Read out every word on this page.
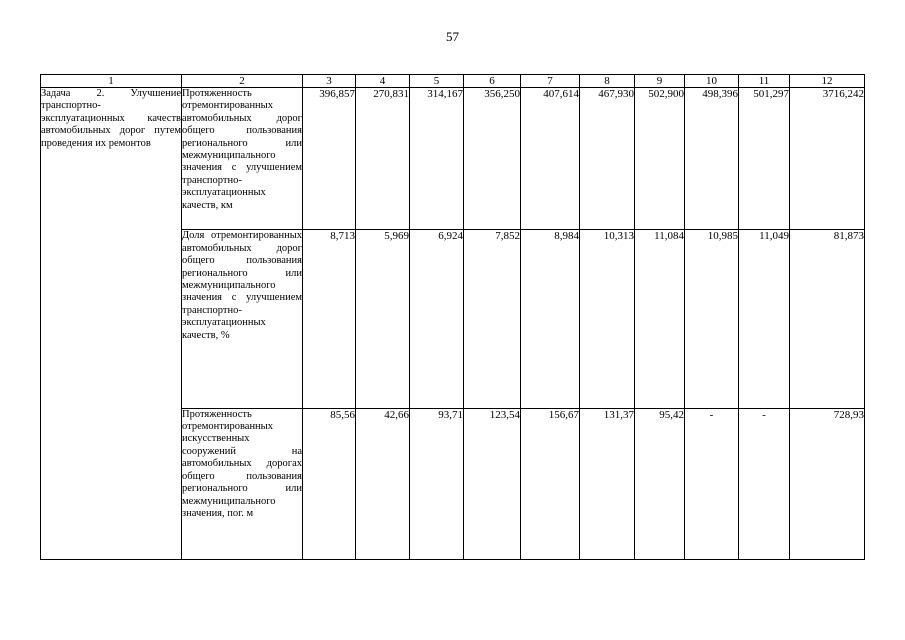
57
1	2	3	4	5	6	7	8	9	10	11	12
Задача 2. Улучшение транспортно-эксплуатационных качеств автомобильных дорог путем проведения их ремонтов	Протяженность отремонтированных автомобильных дорог общего пользования регионального или межмуниципального значения с улучшением транспортно-эксплуатационных качеств, км	396,857	270,831	314,167	356,250	407,614	467,930	502,900	498,396	501,297	3716,242
	Доля отремонтированных автомобильных дорог общего пользования регионального или межмуниципального значения с улучшением транспортно-эксплуатационных качеств, %	8,713	5,969	6,924	7,852	8,984	10,313	11,084	10,985	11,049	81,873
	Протяженность отремонтированных искусственных сооружений на автомобильных дорогах общего пользования регионального или межмуниципального значения, пог. м	85,56	42,66	93,71	123,54	156,67	131,37	95,42	-	-	728,93
